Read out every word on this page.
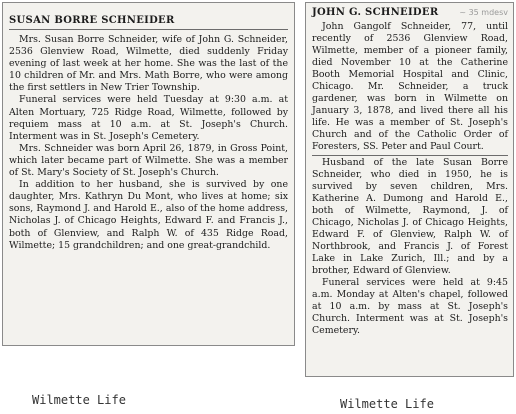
SUSAN BORRE SCHNEIDER

Mrs. Susan Borre Schneider, wife of John G. Schneider, 2536 Glenview Road, Wilmette, died suddenly Friday evening of last week at her home. She was the last of the 10 children of Mr. and Mrs. Math Borre, who were among the first settlers in New Trier Township.

Funeral services were held Tuesday at 9:30 a.m. at Alten Mortuary, 725 Ridge Road, Wilmette, followed by requiem mass at 10 a.m. at St. Joseph's Church. Interment was in St. Joseph's Cemetery.

Mrs. Schneider was born April 26, 1879, in Gross Point, which later became part of Wilmette. She was a member of St. Mary's Society of St. Joseph's Church.

In addition to her husband, she is survived by one daughter, Mrs. Kathryn Du Mont, who lives at home; six sons, Raymond J. and Harold E., also of the home address, Nicholas J. of Chicago Heights, Edward F. and Francis J., both of Glenview, and Ralph W. of 435 Ridge Road, Wilmette; 15 grandchildren; and one great-grandchild.

JOHN G. SCHNEIDER	~ 35 mdesv

John Gangolf Schneider, 77, until recently of 2536 Glenview Road, Wilmette, member of a pioneer family, died November 10 at the Catherine Booth Memorial Hospital and Clinic, Chicago. Mr. Schneider, a truck gardener, was born in Wilmette on January 3, 1878, and lived there all his life. He was a member of St. Joseph's Church and of the Catholic Order of Foresters, SS. Peter and Paul Court.

Husband of the late Susan Borre Schneider, who died in 1950, he is survived by seven children, Mrs. Katherine A. Dumong and Harold E., both of Wilmette, Raymond, J. of Chicago, Nicholas J. of Chicago Heights, Edward F. of Glenview, Ralph W. of Northbrook, and Francis J. of Forest Lake in Lake Zurich, Ill.; and by a brother, Edward of Glenview.

Funeral services were held at 9:45 a.m. Monday at Alten's chapel, followed at 10 a.m. by mass at St. Joseph's Church. Interment was at St. Joseph's Cemetery.

Wilmette Life	Wilmette Life
